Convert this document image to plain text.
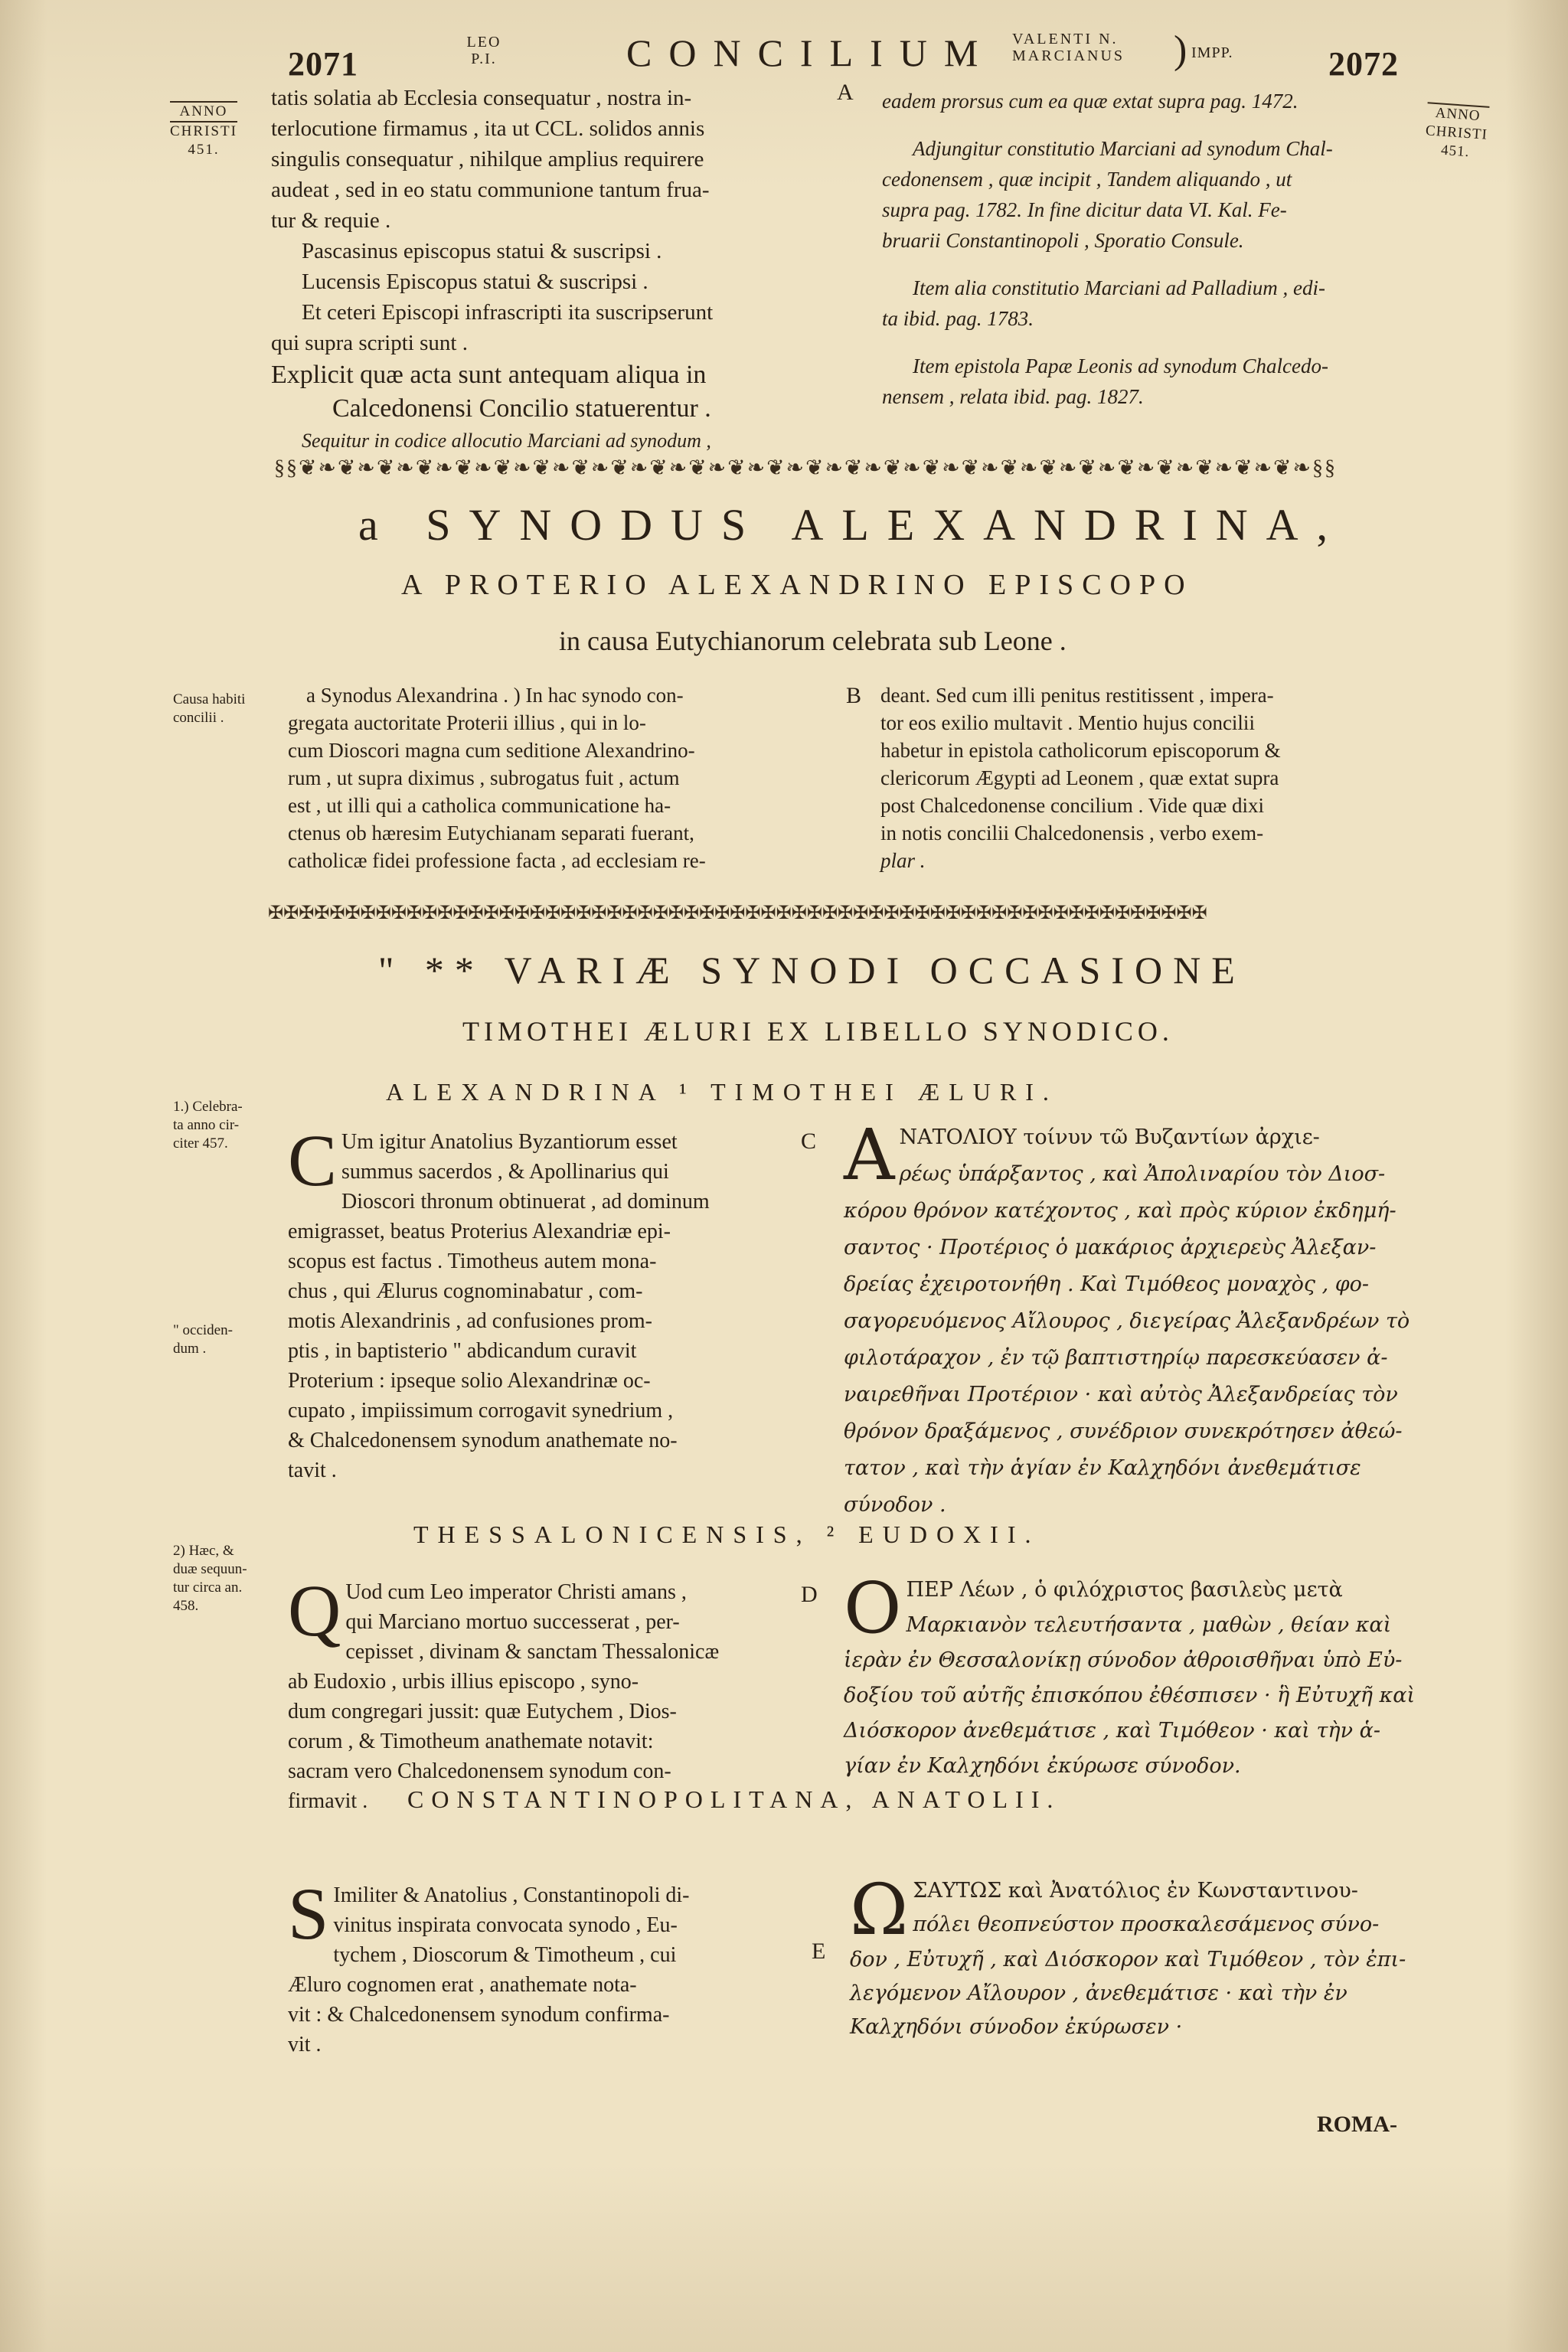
2071
LEO
P.I.	CONCILIUM VALENTI N.
MARCIANUS ) IMPP.	2072
ANNO
CHRISTI
451.
ANNO
CHRISTI
451.
Causa habiti
concilii .
1.) Celebra-
ta anno cir-
citer 457.
" occiden-
dum .
2) Hæc, &
duæ sequun-
tur circa an.
458.
A
B
C
D
E
tatis solatia ab Ecclesia consequatur , nostra in-
terlocutione firmamus , ita ut CCL. solidos annis
singulis consequatur , nihilque amplius requirere
audeat , sed in eo statu communione tantum frua-
tur & requie .
Pascasinus episcopus statui & suscripsi .
Lucensis Episcopus statui & suscripsi .
Et ceteri Episcopi infrascripti ita suscripserunt
qui supra scripti sunt .
Explicit quæ acta sunt antequam aliqua in
Calcedonensi Concilio statuerentur .
Sequitur in codice allocutio Marciani ad synodum ,
eadem prorsus cum ea quæ extat supra pag. 1472.
Adjungitur constitutio Marciani ad synodum Chal-
cedonensem , quæ incipit , Tandem aliquando , ut
supra pag. 1782. In fine dicitur data VI. Kal. Fe-
bruarii Constantinopoli , Sporatio Consule.
Item alia constitutio Marciani ad Palladium , edi-
ta ibid. pag. 1783.
Item epistola Papæ Leonis ad synodum Chalcedo-
nensem , relata ibid. pag. 1827.
§§❦❧❦❧❦❧❦❧❦❧❦❧❦❧❦❧❦❧❦❧❦❧❦❧❦❧❦❧❦❧❦❧❦❧❦❧❦❧❦❧❦❧❦❧❦❧❦❧❦❧❦❧§§
a SYNODUS ALEXANDRINA,
A PROTERIO ALEXANDRINO EPISCOPO
in causa Eutychianorum celebrata sub Leone .
a Synodus Alexandrina . ) In hac synodo con-
gregata auctoritate Proterii illius , qui in lo-
cum Dioscori magna cum seditione Alexandrino-
rum , ut supra diximus , subrogatus fuit , actum
est , ut illi qui a catholica communicatione ha-
ctenus ob hæresim Eutychianam separati fuerant,
catholicæ fidei professione facta , ad ecclesiam re-
deant. Sed cum illi penitus restitissent , impera-
tor eos exilio multavit . Mentio hujus concilii
habetur in epistola catholicorum episcoporum &
clericorum Ægypti ad Leonem , quæ extat supra
post Chalcedonense concilium . Vide quæ dixi
in notis concilii Chalcedonensis , verbo exem-
plar .
✠✠✠✠✠✠✠✠✠✠✠✠✠✠✠✠✠✠✠✠✠✠✠✠✠✠✠✠✠✠✠✠✠✠✠✠✠✠✠✠✠✠✠✠✠✠✠✠✠✠✠✠✠✠✠✠✠✠✠✠✠
" ** VARIÆ SYNODI OCCASIONE
TIMOTHEI ÆLURI EX LIBELLO SYNODICO.
ALEXANDRINA ¹ TIMOTHEI ÆLURI.
C Um igitur Anatolius Byzantiorum esset
summus sacerdos , & Apollinarius qui
Dioscori thronum obtinuerat , ad dominum
emigrasset, beatus Proterius Alexandriæ epi-
scopus est factus . Timotheus autem mona-
chus , qui Ælurus cognominabatur , com-
motis Alexandrinis , ad confusiones prom-
ptis , in baptisterio " abdicandum curavit
Proterium : ipseque solio Alexandrinæ oc-
cupato , impiissimum corrogavit synedrium ,
& Chalcedonensem synodum anathemate no-
tavit .
Α ΝΑΤΟΛΙΟΥ τοίνυν τῶ Βυζαντίων ἀρχιε-
ρέως ὑπάρξαντος , καὶ Ἀπολιναρίου τὸν Διοσ-
κόρου θρόνον κατέχοντος , καὶ πρὸς κύριον ἐκδημή-
σαντος · Προτέριος ὁ μακάριος ἀρχιερεὺς Ἀλεξαν-
δρείας ἐχειροτονήθη . Καὶ Τιμόθεος μοναχὸς , φο-
σαγορευόμενος Αἴλουρος , διεγείρας Ἀλεξανδρέων τὸ
φιλοτάραχον , ἐν τῷ βαπτιστηρίῳ παρεσκεύασεν ἀ-
ναιρεθῆναι Προτέριον · καὶ αὐτὸς Ἀλεξανδρείας τὸν
θρόνον δραξάμενος , συνέδριον συνεκρότησεν ἀθεώ-
τατον , καὶ τὴν ἁγίαν ἐν Καλχηδόνι ἀνεθεμάτισε
σύνοδον .
THESSALONICENSIS, ² EUDOXII.
Q Uod cum Leo imperator Christi amans ,
qui Marciano mortuo successerat , per-
cepisset , divinam & sanctam Thessalonicæ
ab Eudoxio , urbis illius episcopo , syno-
dum congregari jussit: quæ Eutychem , Dios-
corum , & Timotheum anathemate notavit:
sacram vero Chalcedonensem synodum con-
firmavit .
Ο ΠΕΡ Λέων , ὁ φιλόχριστος βασιλεὺς μετὰ
Μαρκιανὸν τελευτήσαντα , μαθὼν , θείαν καὶ
ἱερὰν ἐν Θεσσαλονίκῃ σύνοδον ἀθροισθῆναι ὑπὸ Εὐ-
δοξίου τοῦ αὐτῆς ἐπισκόπου ἐθέσπισεν · ἣ Εὐτυχῆ καὶ
Διόσκορον ἀνεθεμάτισε , καὶ Τιμόθεον · καὶ τὴν ἁ-
γίαν ἐν Καλχηδόνι ἐκύρωσε σύνοδον.
CONSTANTINOPOLITANA, ANATOLII.
S Imiliter & Anatolius , Constantinopoli di-
vinitus inspirata convocata synodo , Eu-
tychem , Dioscorum & Timotheum , cui
Æluro cognomen erat , anathemate nota-
vit : & Chalcedonensem synodum confirma-
vit .
Ω ΣΑΥΤΩΣ καὶ Ἀνατόλιος ἐν Κωνσταντινου-
πόλει θεοπνεύστον προσκαλεσάμενος σύνο-
δον , Εὐτυχῆ , καὶ Διόσκορον καὶ Τιμόθεον , τὸν ἐπι-
λεγόμενον Αἴλουρον , ἀνεθεμάτισε · καὶ τὴν ἐν
Καλχηδόνι σύνοδον ἐκύρωσεν ·
ROMA-
